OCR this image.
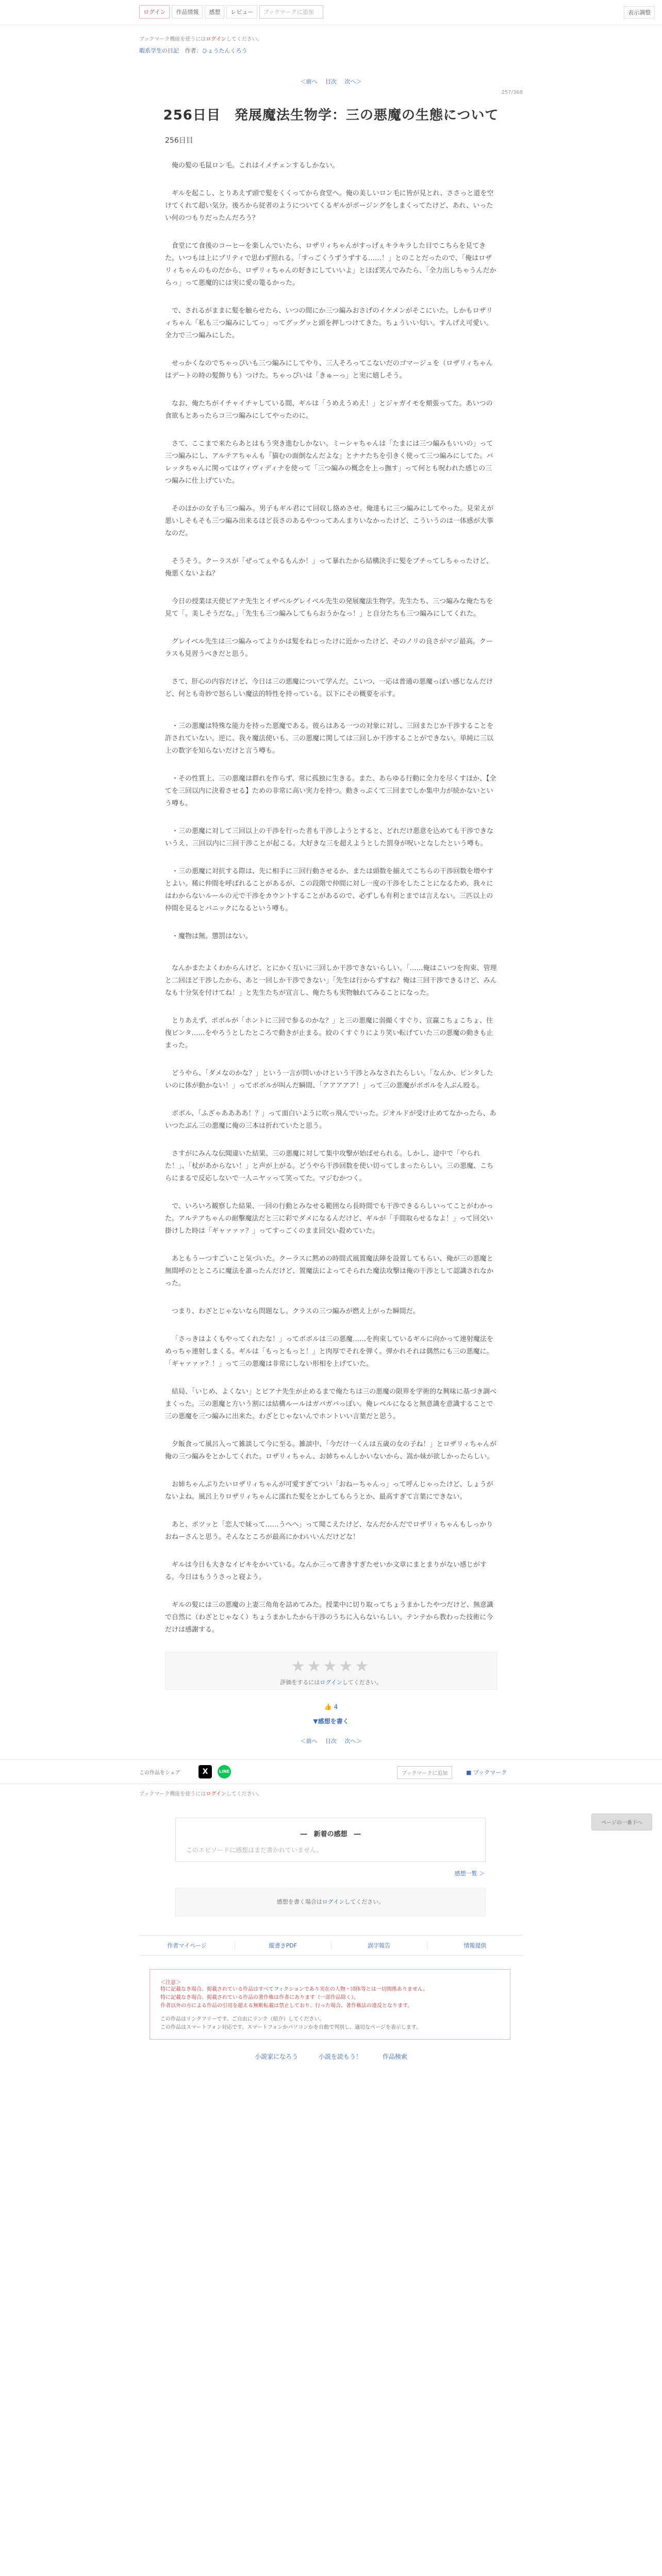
ログイン	作品情報	感想	レビュー	ブックマークに追加	表示調整
ブックマーク機能を使うにはログインしてください。
暇系学生の日記 作者：ひょうたんくろう
＜前へ 目次 次へ＞
257/368
256日目　発展魔法生物学：三の悪魔の生態について
256日目

俺の髪の毛鼠ロン毛。これはイメチェンするしかない。

ギルを起こし、とりあえず頭で髪をくくってから食堂へ。俺の美しいロン毛に皆が見とれ、ささっと道を空けてくれて超い気分。後ろから従者のようについてくるギルがポージングをしまくってたけど、あれ、いったい何のつもりだったんだろう？

食堂にて食後のコーヒーを楽しんでいたら、ロザリィちゃんがすっげぇキラキラした目でこちらを見てきた。いつもは上にプリティで思わず照れる。「すっごくうずうずする……！」とのことだったので、「俺はロザリィちゃんのものだから、ロザリィちゃんの好きにしていいよ」とほぼ笑んでみたら、「全力出しちゃうんだからっ」って悪魔的には実に愛の篭るかった。

で、されるがままに髪を触らせたら、いつの間にか三つ編みおさげのイケメンがそこにいた。しかもロザリィちゃん「私も三つ編みにしてっ」ってグッグッと頭を押しつけてきた。ちょういい匂い。すんげえ可愛い。全力で三つ編みにした。

せっかくなのでちゃっぴいも三つ編みにしてやり、三人そろってこないだのゴマージュを（ロザリィちゃんはデートの時の髪飾りも）つけた。ちゃっぴいは「きゅーっ」と実に嬉しそう。

なお、俺たちがイチャイチャしている間、ギルは「うめえうめえ！」とジャガイモを頬張ってた。あいつの食欲もとあったらコ三つ編みにしてやったのに。

さて、ここまで来たらあとはもう突き進むしかない。ミーシャちゃんは「たまには三つ編みもいいの」って三つ編みにし、アルテアちゃんも「猫むの面倒なんだよな」とナナたちを引きく使って三つ編みにしてた。パレッタちゃんに関ってはヴィヴィディナを使って「三つ編みの概念を上っ撫す」って何とも呪われた感じの三つ編みに仕上げていた。

そのほかの女子も三つ編み。男子もギル君にて回収し絡めさせ。俺達もに三つ編みにしてやった。見栄えが悪いしそもそも三つ編み出来るほど長さのあるやつってあんまりいなかったけど、こういうのは一体感が大事なのだ。

そうそう。クーラスが「ぜってぇやるもんか！」って暴れたから結構決手に髪をブチってしちゃったけど、俺悪くないよね？

今日の授業は天使ピアナ先生とイザベルグレイベル先生の発展魔法生物学。先生たち、三つ編みな俺たちを見て「。美しそうだな。」「先生も三つ編みしてもらおうかなっ！」と自分たちも三つ編みにしてくれた。

グレイベル先生は三つ編みってよりかは髪をねじったけに近かったけど、そのノリの良さがマジ最高。クーラスも見習うべきだと思う。

さて、肝心の内容だけど、今日は三の悪魔について学んだ。こいつ、一応は普通の悪魔っぽい感じなんだけど、何とも奇妙で怒らしい魔法的特性を持っている。以下にその概要を示す。

・三の悪魔は特殊な能力を持った悪魔である。彼らはある一つの対象に対し、三回またじか干渉することを許されていない。逆に、我々魔法使いも、三の悪魔に関しては三回しか干渉することができない。単純に三以上の数字を知らないだけと言う噂も。

・その性質上、三の悪魔は群れを作らず、常に孤独に生きる。また、あらゆる行動に全力を尽くすほか、【全てを三回以内に決着させる】ための非常に高い実力を持つ。動きっぷくて三回までしか集中力が続かないという噂も。

・三の悪魔に対して三回以上の干渉を行った者も干渉しようとすると、どれだけ悪意を込めても干渉できないうえ、三回以内に三回干渉ことが起こる。大好きな三を超えようとした罰身が呪いとなしたという噂も。

・三の悪魔に対抗する際は、先に相手に三回行動させるか、または頭数を揃えてこちらの干渉回数を増やすとよい。稀に仲間を呼ばれることがあるが、この段階で仲間に対し一度の干渉をしたことになるため、我々にはわからないルールの元で干渉をカウントすることがあるので、必ずしも有利とまでは言えない。三匹以上の仲間を見るとパニックになるという噂も。

・魔物は無。懲罰はない。

なんかまたよくわからんけど、とにかく互いに三回しか干渉できないらしい。「……俺はこいつを拘束、管理と二回ほど干渉したから、あと一回しか干渉できない」「先生は行からずすね？俺は三回干渉できるけど、みんなも十分気を付けてね！」と先生たちが宣言し、俺たちも実物触れてみることになった。

とりあえず、ボボルが「ホントに三回で参るのかな？」と三の悪魔に弱撮くすぐり、宣赢こちょこちょ、往復ビンタ……をやろうとしたところで動きが止まる。絞のくすぐりにより笑い転げていた三の悪魔の動きも止まった。

どうやら、「ダメなのかな？」という一言が問いかけという干渉とみなされたらしい。「なんか、ピンタしたいのに体が動かない！」ってボボルが叫んだ瞬間、「アアアアア！」って三の悪魔がボボルを人ぶん殴る。

ボボル、「ふざゃああああ！？」って面白いように吹っ飛んでいった。ジオルドが受け止めてなかったら、あいつたぶん三の悪魔に俺の三本は折れていたと思う。

さすがにみんな伝聞違いた結果、三の悪魔に対して集中攻撃が始ばせられる。しかし、途中で「やられた！」、「杖があからない！」と声が上がる。どうやら干渉回数を使い切ってしまったらしい。三の悪魔、こちらにまるで反応しないで一人ニヤッって笑ってた。マジむかつく。

で、いろいろ観察した結果、一回の行動とみなせる範囲なら長時間でも干渉できるらしいってことがわかった。アルテアちゃんの耐擊魔法だと三に彩でダメになるんだけど、ギルが「手間取らせるなよ！」って回交い掛けした時は「ギャァァァ？」ってすっごくのまま回交い殺めていた。

あともうーつすごいこと気づいた。クーラスに黙めの時間式風置魔法陣を設置してもらい、俺が三の悪魔と無間呼のとところに魔法を誰ったんだけど、置魔法によってそられた魔法攻撃は俺の干渉として認識されなかった。

つまり、わざとじゃないなら問題なし。クラスの三つ編みが燃え上がった瞬間だ。

「さっきはよくもやってくれたな！」ってボボルは三の悪魔……を拘束しているギルに向かって連射魔法をめっちゃ連射しまくる。ギルは「もっともっと！」と肉厚でそれを弾く。弾かれそれは偶然にも三の悪魔に。「ギャァァァ？！」って三の悪魔は非常にしない形相を上げていた。

結局、「いじめ、よくない」とピアナ先生が止めるまで俺たちは三の悪魔の限界を学術的な興味に基づき調べまくった。三の悪魔と方いう割には結構ルールはガバガバっぽい。俺レベルになると無意識を意識することで三の悪魔を三つ編みに出来た。わざとじゃないんでホントいい言葉だと思う。

夕飯食って風呂入って雑談して今に至る。雑談中、「今だけ一くんは五歳の女の子ね！」とロザリィちゃんが俺の三つ編みをとかしてくれた。ロザリィちゃん、お姉ちゃんしかいないから、嵩か妹が欲しかったらしい。

お姉ちゃんぶりたいロザリィちゃんが可愛すぎてつい「おねーちゃんっ」って呼んじゃったけど、しょうがないよね。風呂上りロザリィちゃんに濡れた髪をとかしてもらうとか、最高すぎて言葉にできない。

あと、ポツッと「恋人で妹って……うへへ」って聞こえたけど、なんだかんだでロザリィちゃんもしっかりおねーさんと思う。そんなところが最高にかわいいんだけどな！

ギルは今日も大きなイビキをかいている。なんか三って書きすぎたせいか文章にまとまりがない感じがする。今日はもううさっと寝よう。

ギルの髪には三の悪魔の上妻三角角を詰めてみた。授業中に切り取ってちょうまかしたやつだけど、無意識で自然に（わざとじゃなく）ちょうまかしたから干渉のうちに入らないらしい。テンテから教わった技術に今だけは感謝する。

★★★★★
評価をするにはログインしてください。
👍 4
▼感想を書く
＜前へ 目次 次へ＞
この作品をシェア	X	LINE	ブックマークに追加	■ ブックマーク
ブックマーク機能を使うにはログインしてください。
―　新着の感想　―
このエピソードに感想はまだ書かれていません。
感想一覧 ＞
感想を書く場合はログインしてください。
作者マイページ	縦書きPDF	誤字報告	情報提供
＜注意＞
特に記載なき場合、掲載されている作品はすべてフィクションであり実在の人物・団体等とは一切関係ありません。
特に記載なき場合、掲載されている作品の著作権は作者にあります（一部作品除く）。
作者以外の方による作品の引用を超える無断転載は禁止しており、行った場合、著作権法の違反となります。
この作品はリンクフリーです。ご自由にリンク（紹介）してください。
この作品はスマートフォン対応です。スマートフォンかパソコンかを自動で判別し、適切なページを表示します。
小説家になろう	小説を読もう！	作品検索
ページの一番下へ
